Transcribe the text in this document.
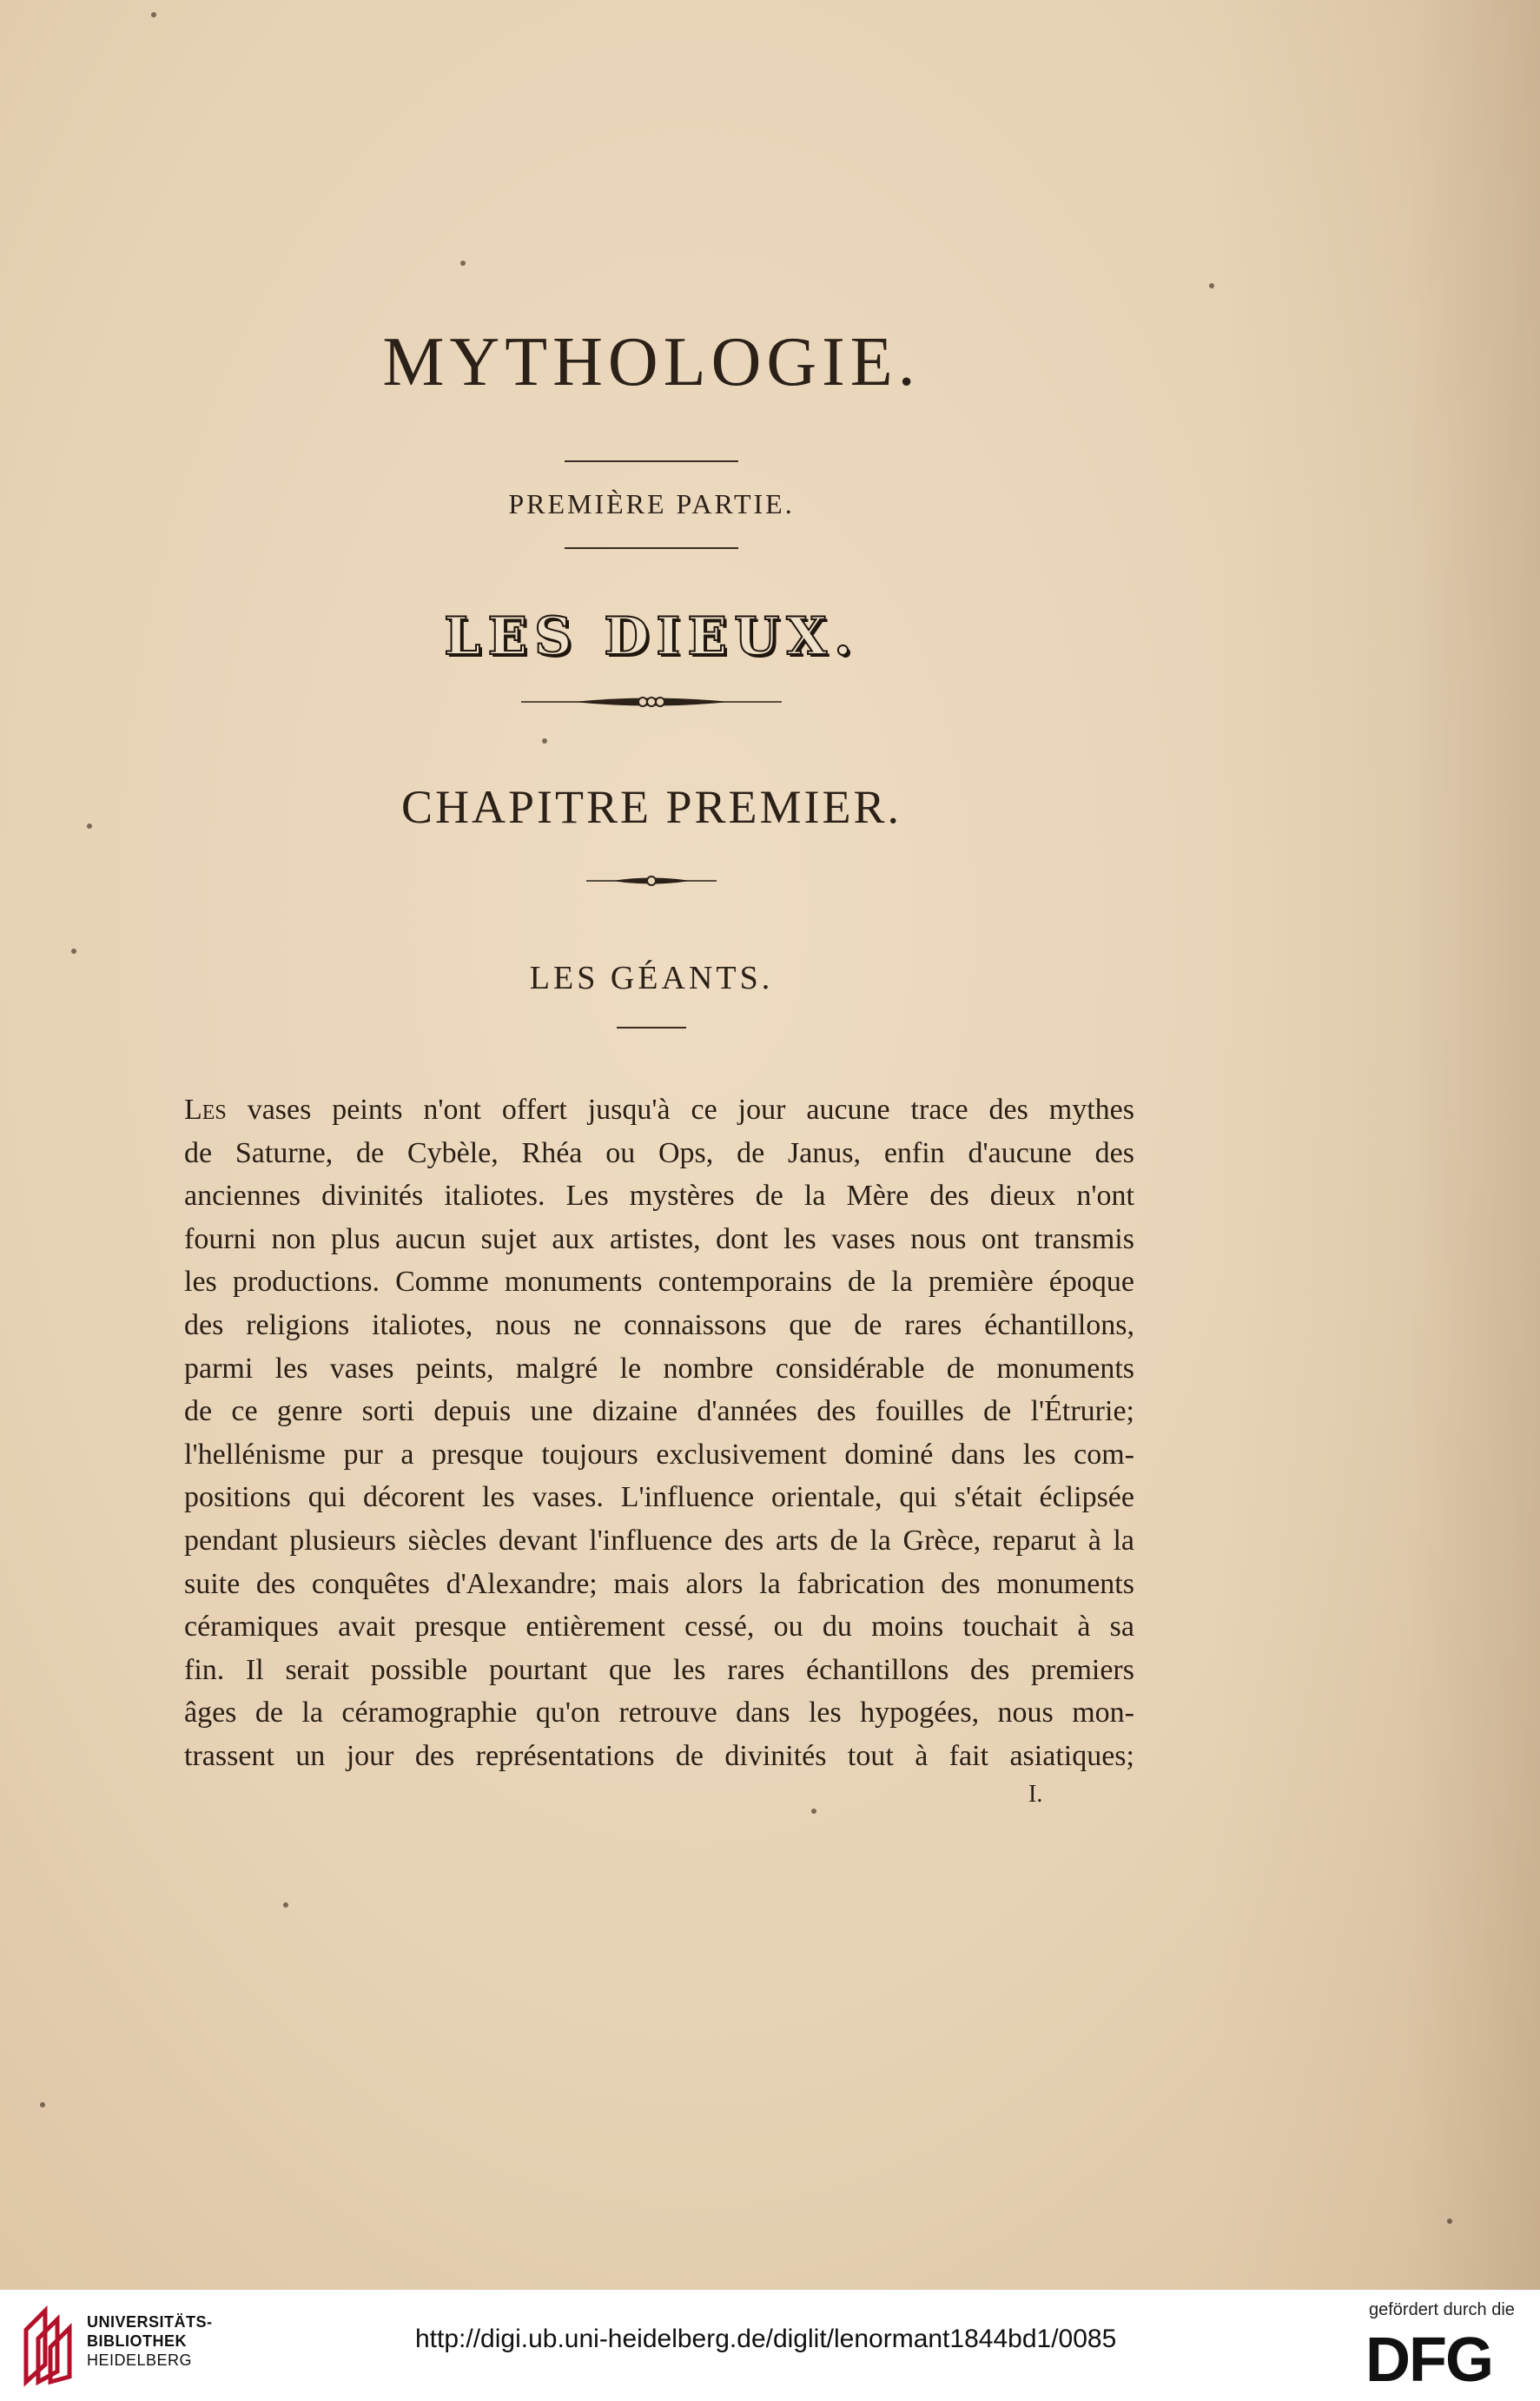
MYTHOLOGIE.
PREMIÈRE PARTIE.
LES DIEUX.
CHAPITRE PREMIER.
LES GÉANTS.
Les vases peints n'ont offert jusqu'à ce jour aucune trace des mythes
de Saturne, de Cybèle, Rhéa ou Ops, de Janus, enfin d'aucune des
anciennes divinités italiotes. Les mystères de la Mère des dieux n'ont
fourni non plus aucun sujet aux artistes, dont les vases nous ont transmis
les productions. Comme monuments contemporains de la première époque
des religions italiotes, nous ne connaissons que de rares échantillons,
parmi les vases peints, malgré le nombre considérable de monuments
de ce genre sorti depuis une dizaine d'années des fouilles de l'Étrurie;
l'hellénisme pur a presque toujours exclusivement dominé dans les com-
positions qui décorent les vases. L'influence orientale, qui s'était éclipsée
pendant plusieurs siècles devant l'influence des arts de la Grèce, reparut à la
suite des conquêtes d'Alexandre; mais alors la fabrication des monuments
céramiques avait presque entièrement cessé, ou du moins touchait à sa
fin. Il serait possible pourtant que les rares échantillons des premiers
âges de la céramographie qu'on retrouve dans les hypogées, nous mon-
trassent un jour des représentations de divinités tout à fait asiatiques;
I.
UNIVERSITÄTS-
BIBLIOTHEK
HEIDELBERG
http://digi.ub.uni-heidelberg.de/diglit/lenormant1844bd1/0085
gefördert durch die
DFG
